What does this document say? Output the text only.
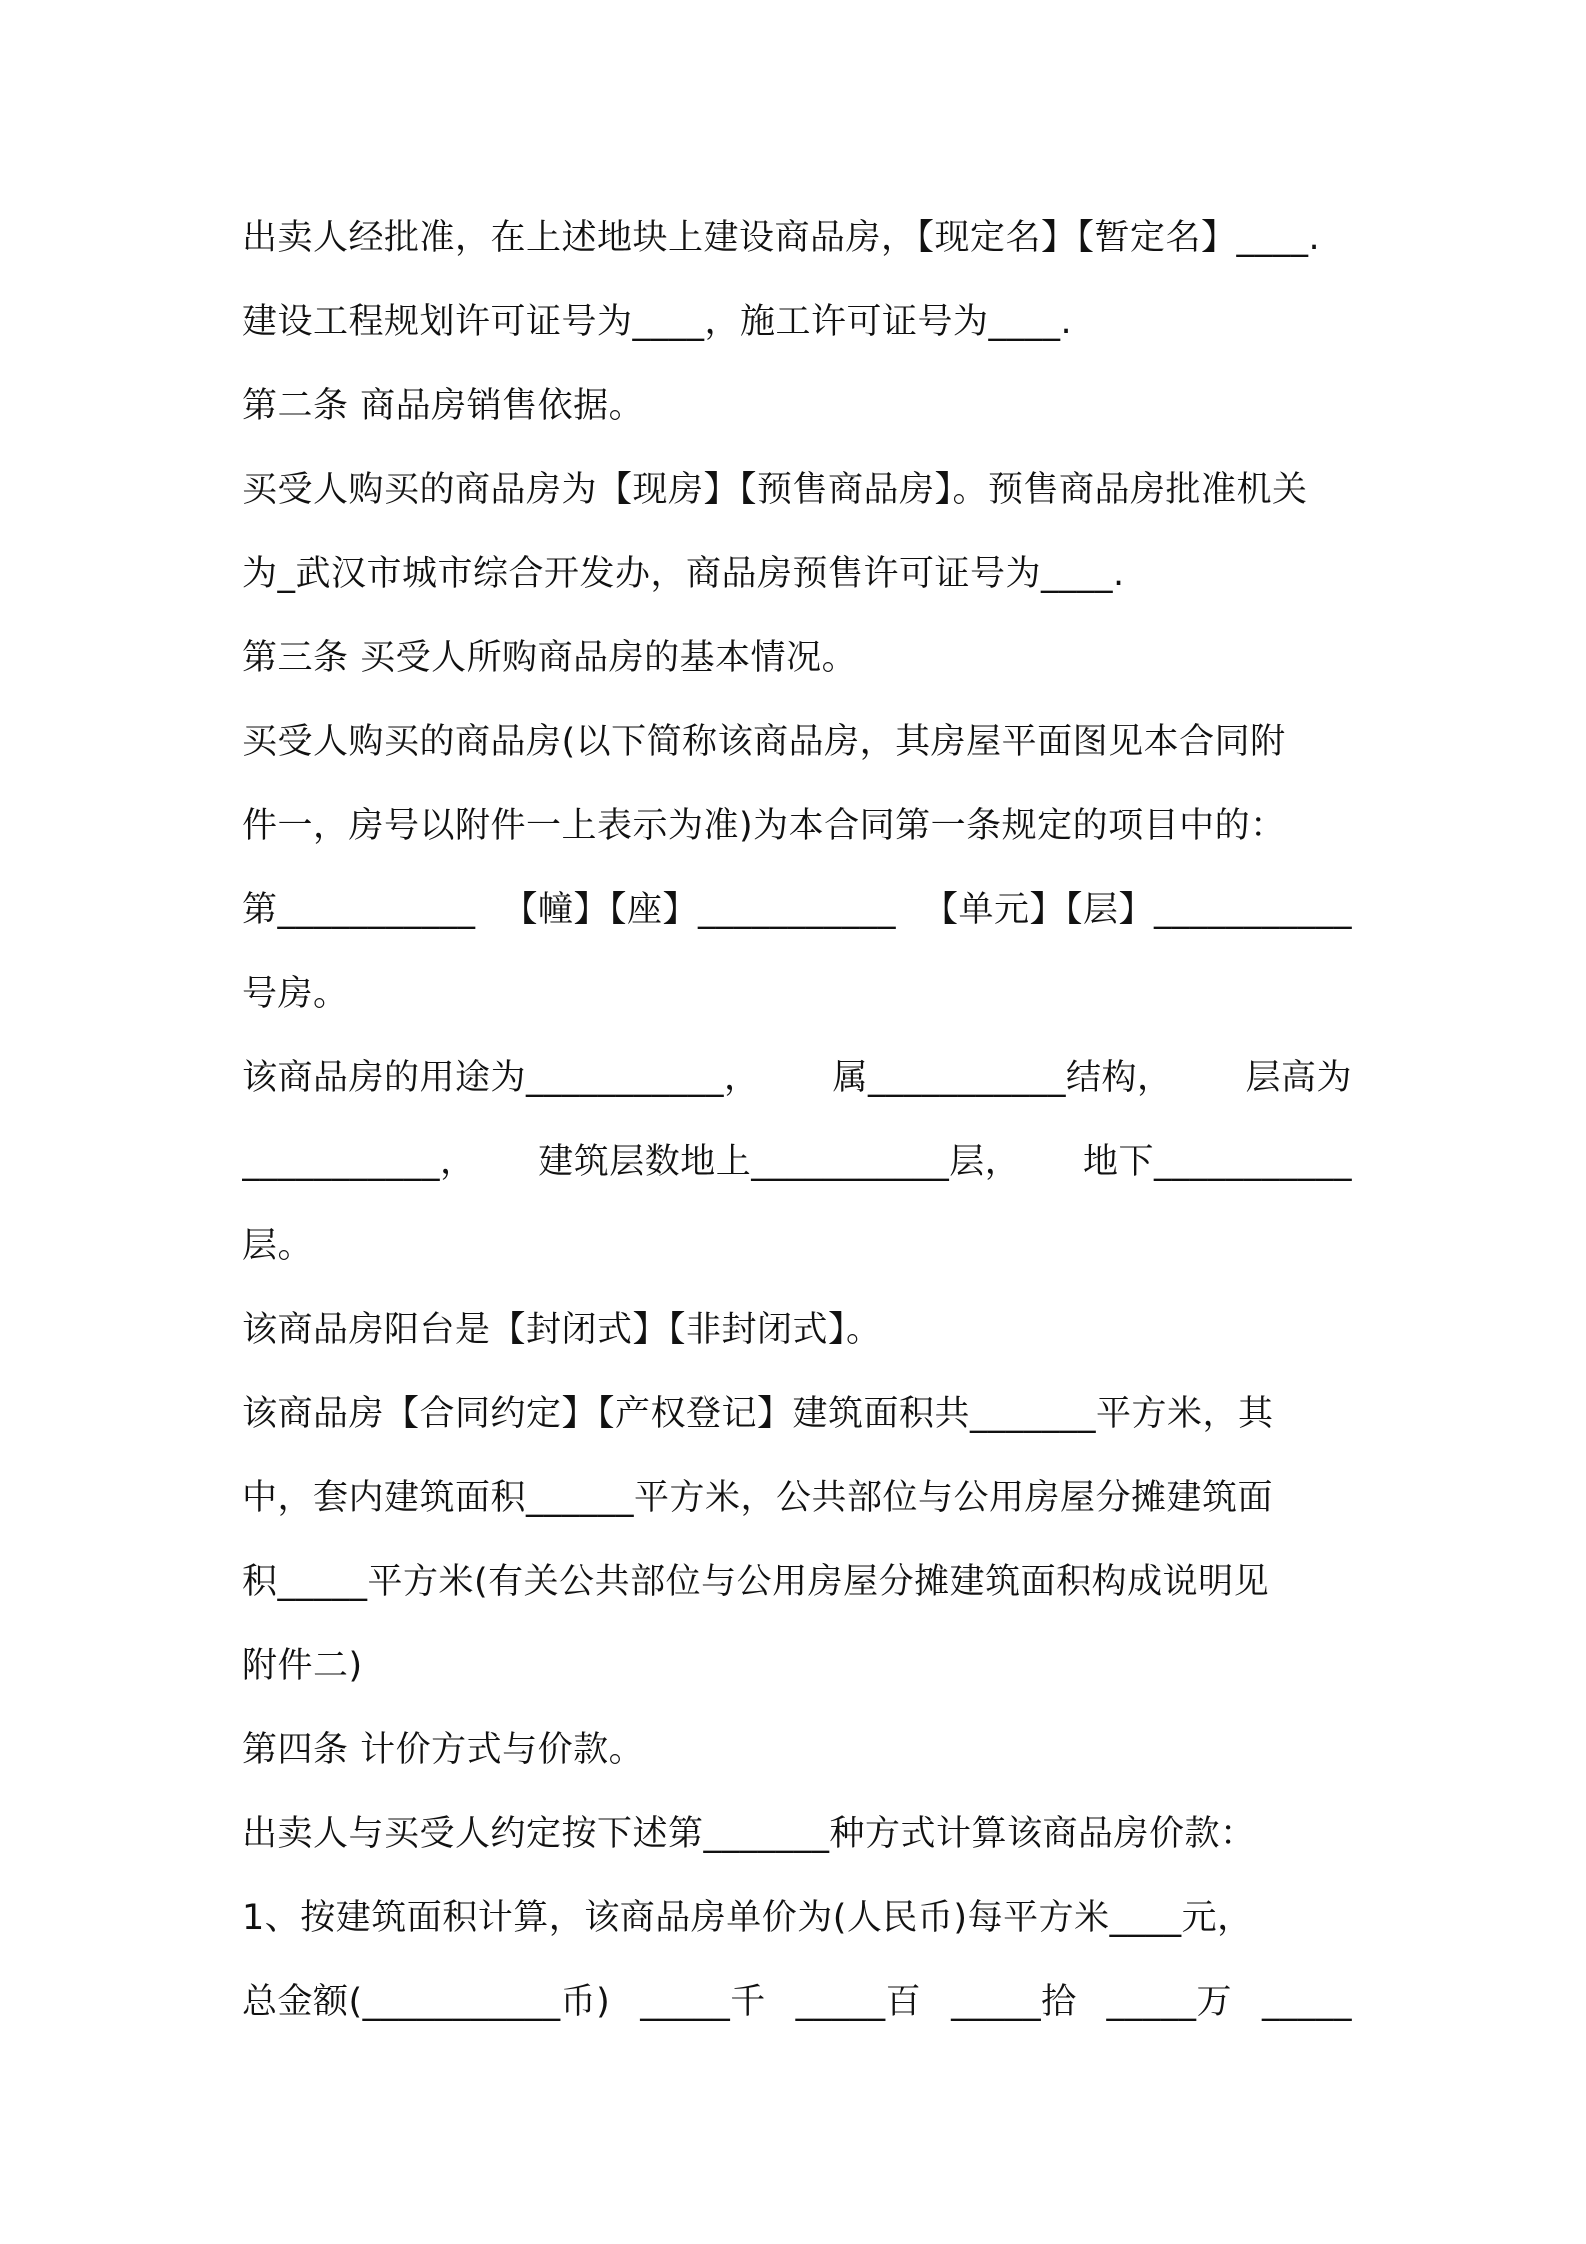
出卖人经批准，在上述地块上建设商品房，【现定名】【暂定名】____.
建设工程规划许可证号为____，施工许可证号为____.
第二条 商品房销售依据。
买受人购买的商品房为【现房】【预售商品房】。预售商品房批准机关
为_武汉市城市综合开发办，商品房预售许可证号为____.
第三条 买受人所购商品房的基本情况。
买受人购买的商品房(以下简称该商品房，其房屋平面图见本合同附
件一，房号以附件一上表示为准)为本合同第一条规定的项目中的：
第___________ 【幢】【座】___________ 【单元】【层】___________
号房。
该商品房的用途为___________， 属___________结构， 层高为
___________， 建筑层数地上___________层， 地下___________
层。
该商品房阳台是【封闭式】【非封闭式】。
该商品房【合同约定】【产权登记】建筑面积共_______平方米，其
中，套内建筑面积______平方米，公共部位与公用房屋分摊建筑面
积_____平方米(有关公共部位与公用房屋分摊建筑面积构成说明见
附件二)
第四条 计价方式与价款。
出卖人与买受人约定按下述第_______种方式计算该商品房价款：
1、按建筑面积计算，该商品房单价为(人民币)每平方米____元，
总金额(___________币) _____千 _____百 _____拾 _____万 _____
